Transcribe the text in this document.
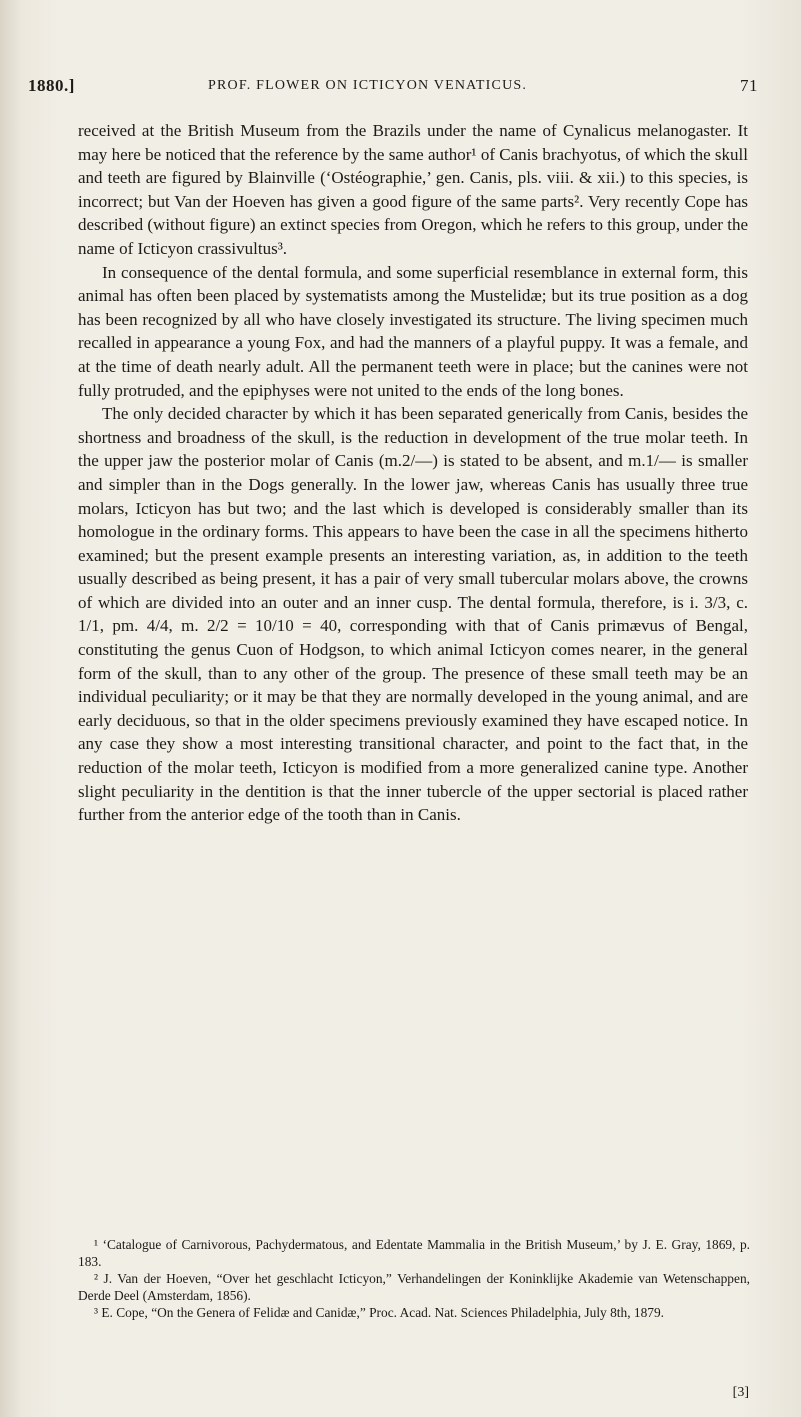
1880.]	PROF. FLOWER ON ICTICYON VENATICUS.	71

received at the British Museum from the Brazils under the name of Cynalicus melanogaster. It may here be noticed that the reference by the same author¹ of Canis brachyotus, of which the skull and teeth are figured by Blainville (‘Ostéographie,’ gen. Canis, pls. viii. & xii.) to this species, is incorrect; but Van der Hoeven has given a good figure of the same parts². Very recently Cope has described (without figure) an extinct species from Oregon, which he refers to this group, under the name of Icticyon crassivultus³.

In consequence of the dental formula, and some superficial resemblance in external form, this animal has often been placed by systematists among the Mustelidæ; but its true position as a dog has been recognized by all who have closely investigated its structure. The living specimen much recalled in appearance a young Fox, and had the manners of a playful puppy. It was a female, and at the time of death nearly adult. All the permanent teeth were in place; but the canines were not fully protruded, and the epiphyses were not united to the ends of the long bones.

The only decided character by which it has been separated generically from Canis, besides the shortness and broadness of the skull, is the reduction in development of the true molar teeth. In the upper jaw the posterior molar of Canis (m.2/—) is stated to be absent, and m.1/— is smaller and simpler than in the Dogs generally. In the lower jaw, whereas Canis has usually three true molars, Icticyon has but two; and the last which is developed is considerably smaller than its homologue in the ordinary forms. This appears to have been the case in all the specimens hitherto examined; but the present example presents an interesting variation, as, in addition to the teeth usually described as being present, it has a pair of very small tubercular molars above, the crowns of which are divided into an outer and an inner cusp. The dental formula, therefore, is i. 3/3, c. 1/1, pm. 4/4, m. 2/2 = 10/10 = 40, corresponding with that of Canis primævus of Bengal, constituting the genus Cuon of Hodgson, to which animal Icticyon comes nearer, in the general form of the skull, than to any other of the group. The presence of these small teeth may be an individual peculiarity; or it may be that they are normally developed in the young animal, and are early deciduous, so that in the older specimens previously examined they have escaped notice. In any case they show a most interesting transitional character, and point to the fact that, in the reduction of the molar teeth, Icticyon is modified from a more generalized canine type. Another slight peculiarity in the dentition is that the inner tubercle of the upper sectorial is placed rather further from the anterior edge of the tooth than in Canis.

¹ ‘Catalogue of Carnivorous, Pachydermatous, and Edentate Mammalia in the British Museum,’ by J. E. Gray, 1869, p. 183.

² J. Van der Hoeven, “Over het geschlacht Icticyon,” Verhandelingen der Koninklijke Akademie van Wetenschappen, Derde Deel (Amsterdam, 1856).

³ E. Cope, “On the Genera of Felidæ and Canidæ,” Proc. Acad. Nat. Sciences Philadelphia, July 8th, 1879.

[3]
